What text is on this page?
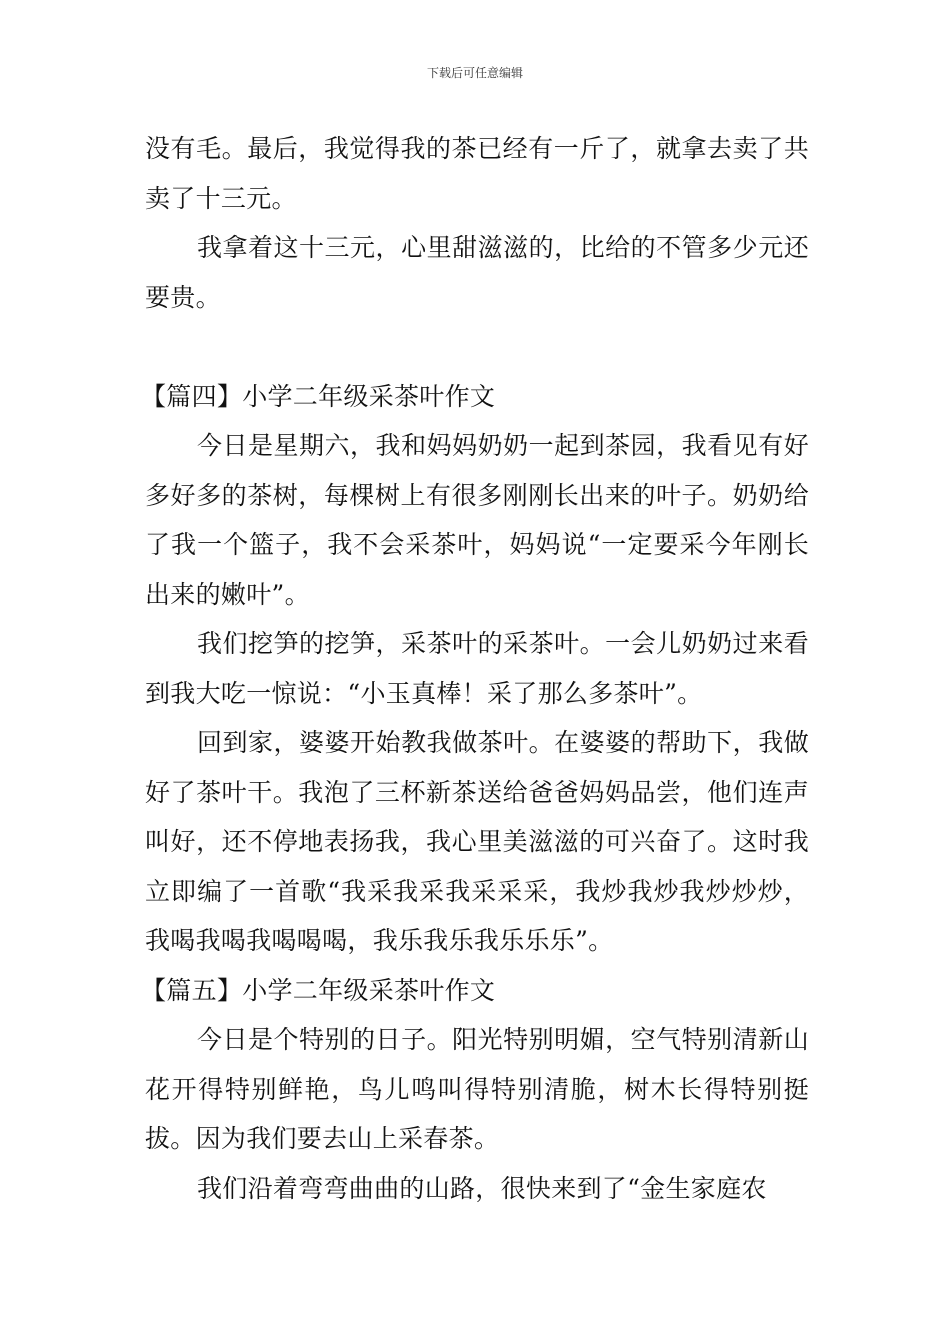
下载后可任意编辑

没有毛。最后，我觉得我的茶已经有一斤了，就拿去卖了共卖了十三元。

我拿着这十三元，心里甜滋滋的，比给的不管多少元还要贵。

【篇四】小学二年级采茶叶作文

今日是星期六，我和妈妈奶奶一起到茶园，我看见有好多好多的茶树，每棵树上有很多刚刚长出来的叶子。奶奶给了我一个篮子，我不会采茶叶，妈妈说“一定要采今年刚长出来的嫩叶”。

我们挖笋的挖笋，采茶叶的采茶叶。一会儿奶奶过来看到我大吃一惊说：“小玉真棒！采了那么多茶叶”。

回到家，婆婆开始教我做茶叶。在婆婆的帮助下，我做好了茶叶干。我泡了三杯新茶送给爸爸妈妈品尝，他们连声叫好，还不停地表扬我，我心里美滋滋的可兴奋了。这时我立即编了一首歌“我采我采我采采采，我炒我炒我炒炒炒，我喝我喝我喝喝喝，我乐我乐我乐乐乐”。

【篇五】小学二年级采茶叶作文

今日是个特别的日子。阳光特别明媚，空气特别清新山花开得特别鲜艳，鸟儿鸣叫得特别清脆，树木长得特别挺拔。因为我们要去山上采春茶。

我们沿着弯弯曲曲的山路，很快来到了“金生家庭农
